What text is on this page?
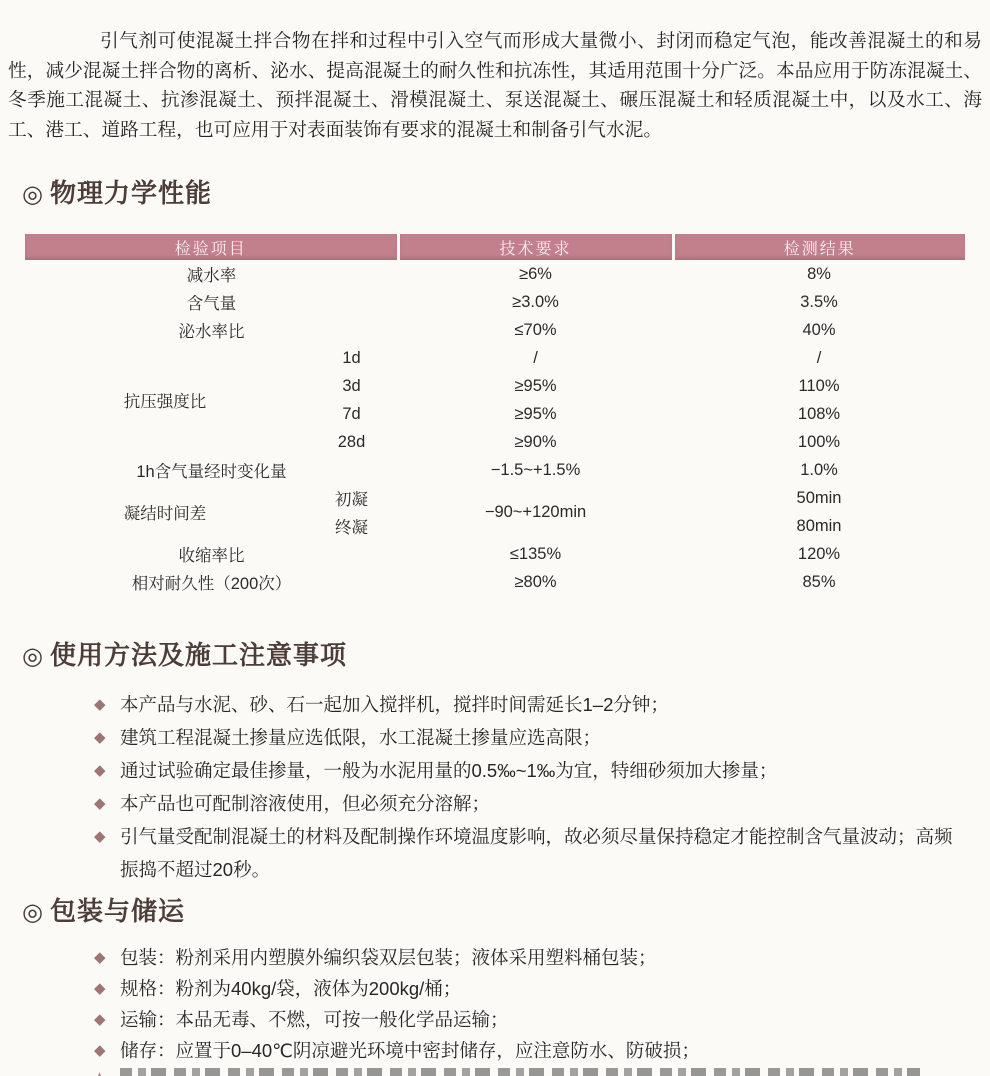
引气剂可使混凝土拌合物在拌和过程中引入空气而形成大量微小、封闭而稳定气泡，能改善混凝土的和易性，减少混凝土拌合物的离析、泌水、提高混凝土的耐久性和抗冻性，其适用范围十分广泛。本品应用于防冻混凝土、冬季施工混凝土、抗渗混凝土、预拌混凝土、滑模混凝土、泵送混凝土、碾压混凝土和轻质混凝土中，以及水工、海工、港工、道路工程，也可应用于对表面装饰有要求的混凝土和制备引气水泥。

◎ 物理力学性能
检验项目		技术要求	检测结果
减水率		≥6%	8%
含气量		≥3.0%	3.5%
泌水率比		≤70%	40%
抗压强度比	1d	/	/
	3d	≥95%	110%
	7d	≥95%	108%
	28d	≥90%	100%
1h含气量经时变化量		−1.5~+1.5%	1.0%
凝结时间差	初凝	−90~+120min	50min
	终凝		80min
收缩率比		≤135%	120%
相对耐久性（200次）		≥80%	85%
◎ 使用方法及施工注意事项
◆
本产品与水泥、砂、石一起加入搅拌机，搅拌时间需延长1–2分钟；
◆
建筑工程混凝土掺量应选低限，水工混凝土掺量应选高限；
◆
通过试验确定最佳掺量，一般为水泥用量的0.5‰~1‰为宜，特细砂须加大掺量；
◆
本产品也可配制溶液使用，但必须充分溶解；
◆
引气量受配制混凝土的材料及配制操作环境温度影响，故必须尽量保持稳定才能控制含气量波动；高频振捣不超过20秒。
◎ 包装与储运
◆
包装：粉剂采用内塑膜外编织袋双层包装；液体采用塑料桶包装；
◆
规格：粉剂为40kg/袋，液体为200kg/桶；
◆
运输：本品无毒、不燃，可按一般化学品运输；
◆
储存：应置于0–40℃阴凉避光环境中密封储存，应注意防水、防破损；
